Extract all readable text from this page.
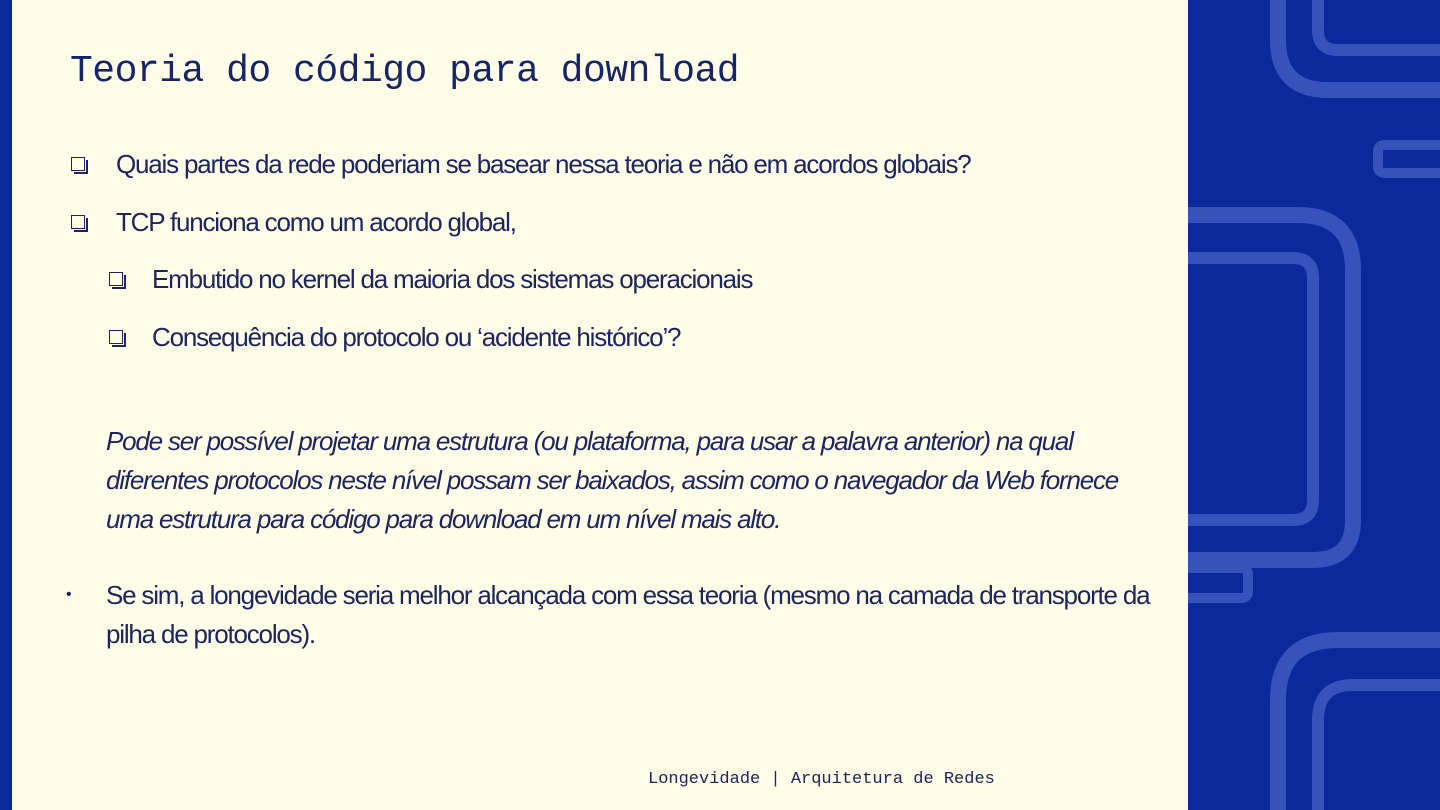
Teoria do código para download
Quais partes da rede poderiam se basear nessa teoria e não em acordos globais?
TCP funciona como um acordo global,
Embutido no kernel da maioria dos sistemas operacionais
Consequência do protocolo ou ‘acidente histórico’?
Pode ser possível projetar uma estrutura (ou plataforma, para usar a palavra anterior) na qual diferentes protocolos neste nível possam ser baixados, assim como o navegador da Web fornece uma estrutura para código para download em um nível mais alto.
• Se sim, a longevidade seria melhor alcançada com essa teoria (mesmo na camada de transporte da pilha de protocolos).
Longevidade | Arquitetura de Redes
